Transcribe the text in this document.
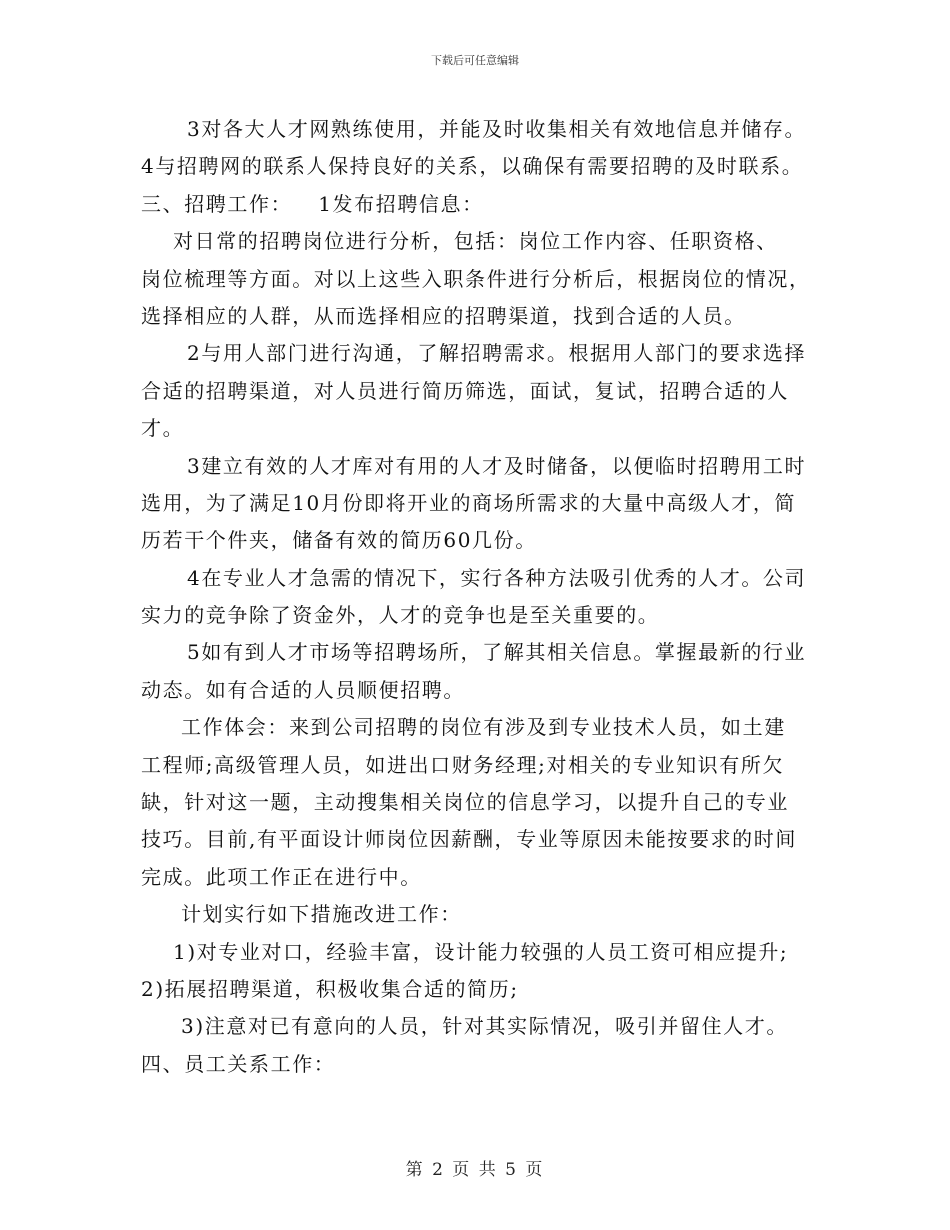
下载后可任意编辑
3对各大人才网熟练使用，并能及时收集相关有效地信息并储存。
4与招聘网的联系人保持良好的关系，以确保有需要招聘的及时联系。
三、招聘工作： 1发布招聘信息：
对日常的招聘岗位进行分析，包括：岗位工作内容、任职资格、
岗位梳理等方面。对以上这些入职条件进行分析后，根据岗位的情况，
选择相应的人群，从而选择相应的招聘渠道，找到合适的人员。
2与用人部门进行沟通，了解招聘需求。根据用人部门的要求选择
合适的招聘渠道，对人员进行简历筛选，面试，复试，招聘合适的人
才。
3建立有效的人才库对有用的人才及时储备，以便临时招聘用工时
选用，为了满足10月份即将开业的商场所需求的大量中高级人才，简
历若干个件夹，储备有效的简历60几份。
4在专业人才急需的情况下，实行各种方法吸引优秀的人才。公司
实力的竞争除了资金外，人才的竞争也是至关重要的。
5如有到人才市场等招聘场所，了解其相关信息。掌握最新的行业
动态。如有合适的人员顺便招聘。
工作体会：来到公司招聘的岗位有涉及到专业技术人员，如土建
工程师;高级管理人员，如进出口财务经理;对相关的专业知识有所欠
缺，针对这一题，主动搜集相关岗位的信息学习，以提升自己的专业
技巧。目前,有平面设计师岗位因薪酬，专业等原因未能按要求的时间
完成。此项工作正在进行中。
计划实行如下措施改进工作：
1)对专业对口，经验丰富，设计能力较强的人员工资可相应提升;
2)拓展招聘渠道，积极收集合适的简历;
3)注意对已有意向的人员，针对其实际情况，吸引并留住人才。
四、员工关系工作：
第 2 页 共 5 页
